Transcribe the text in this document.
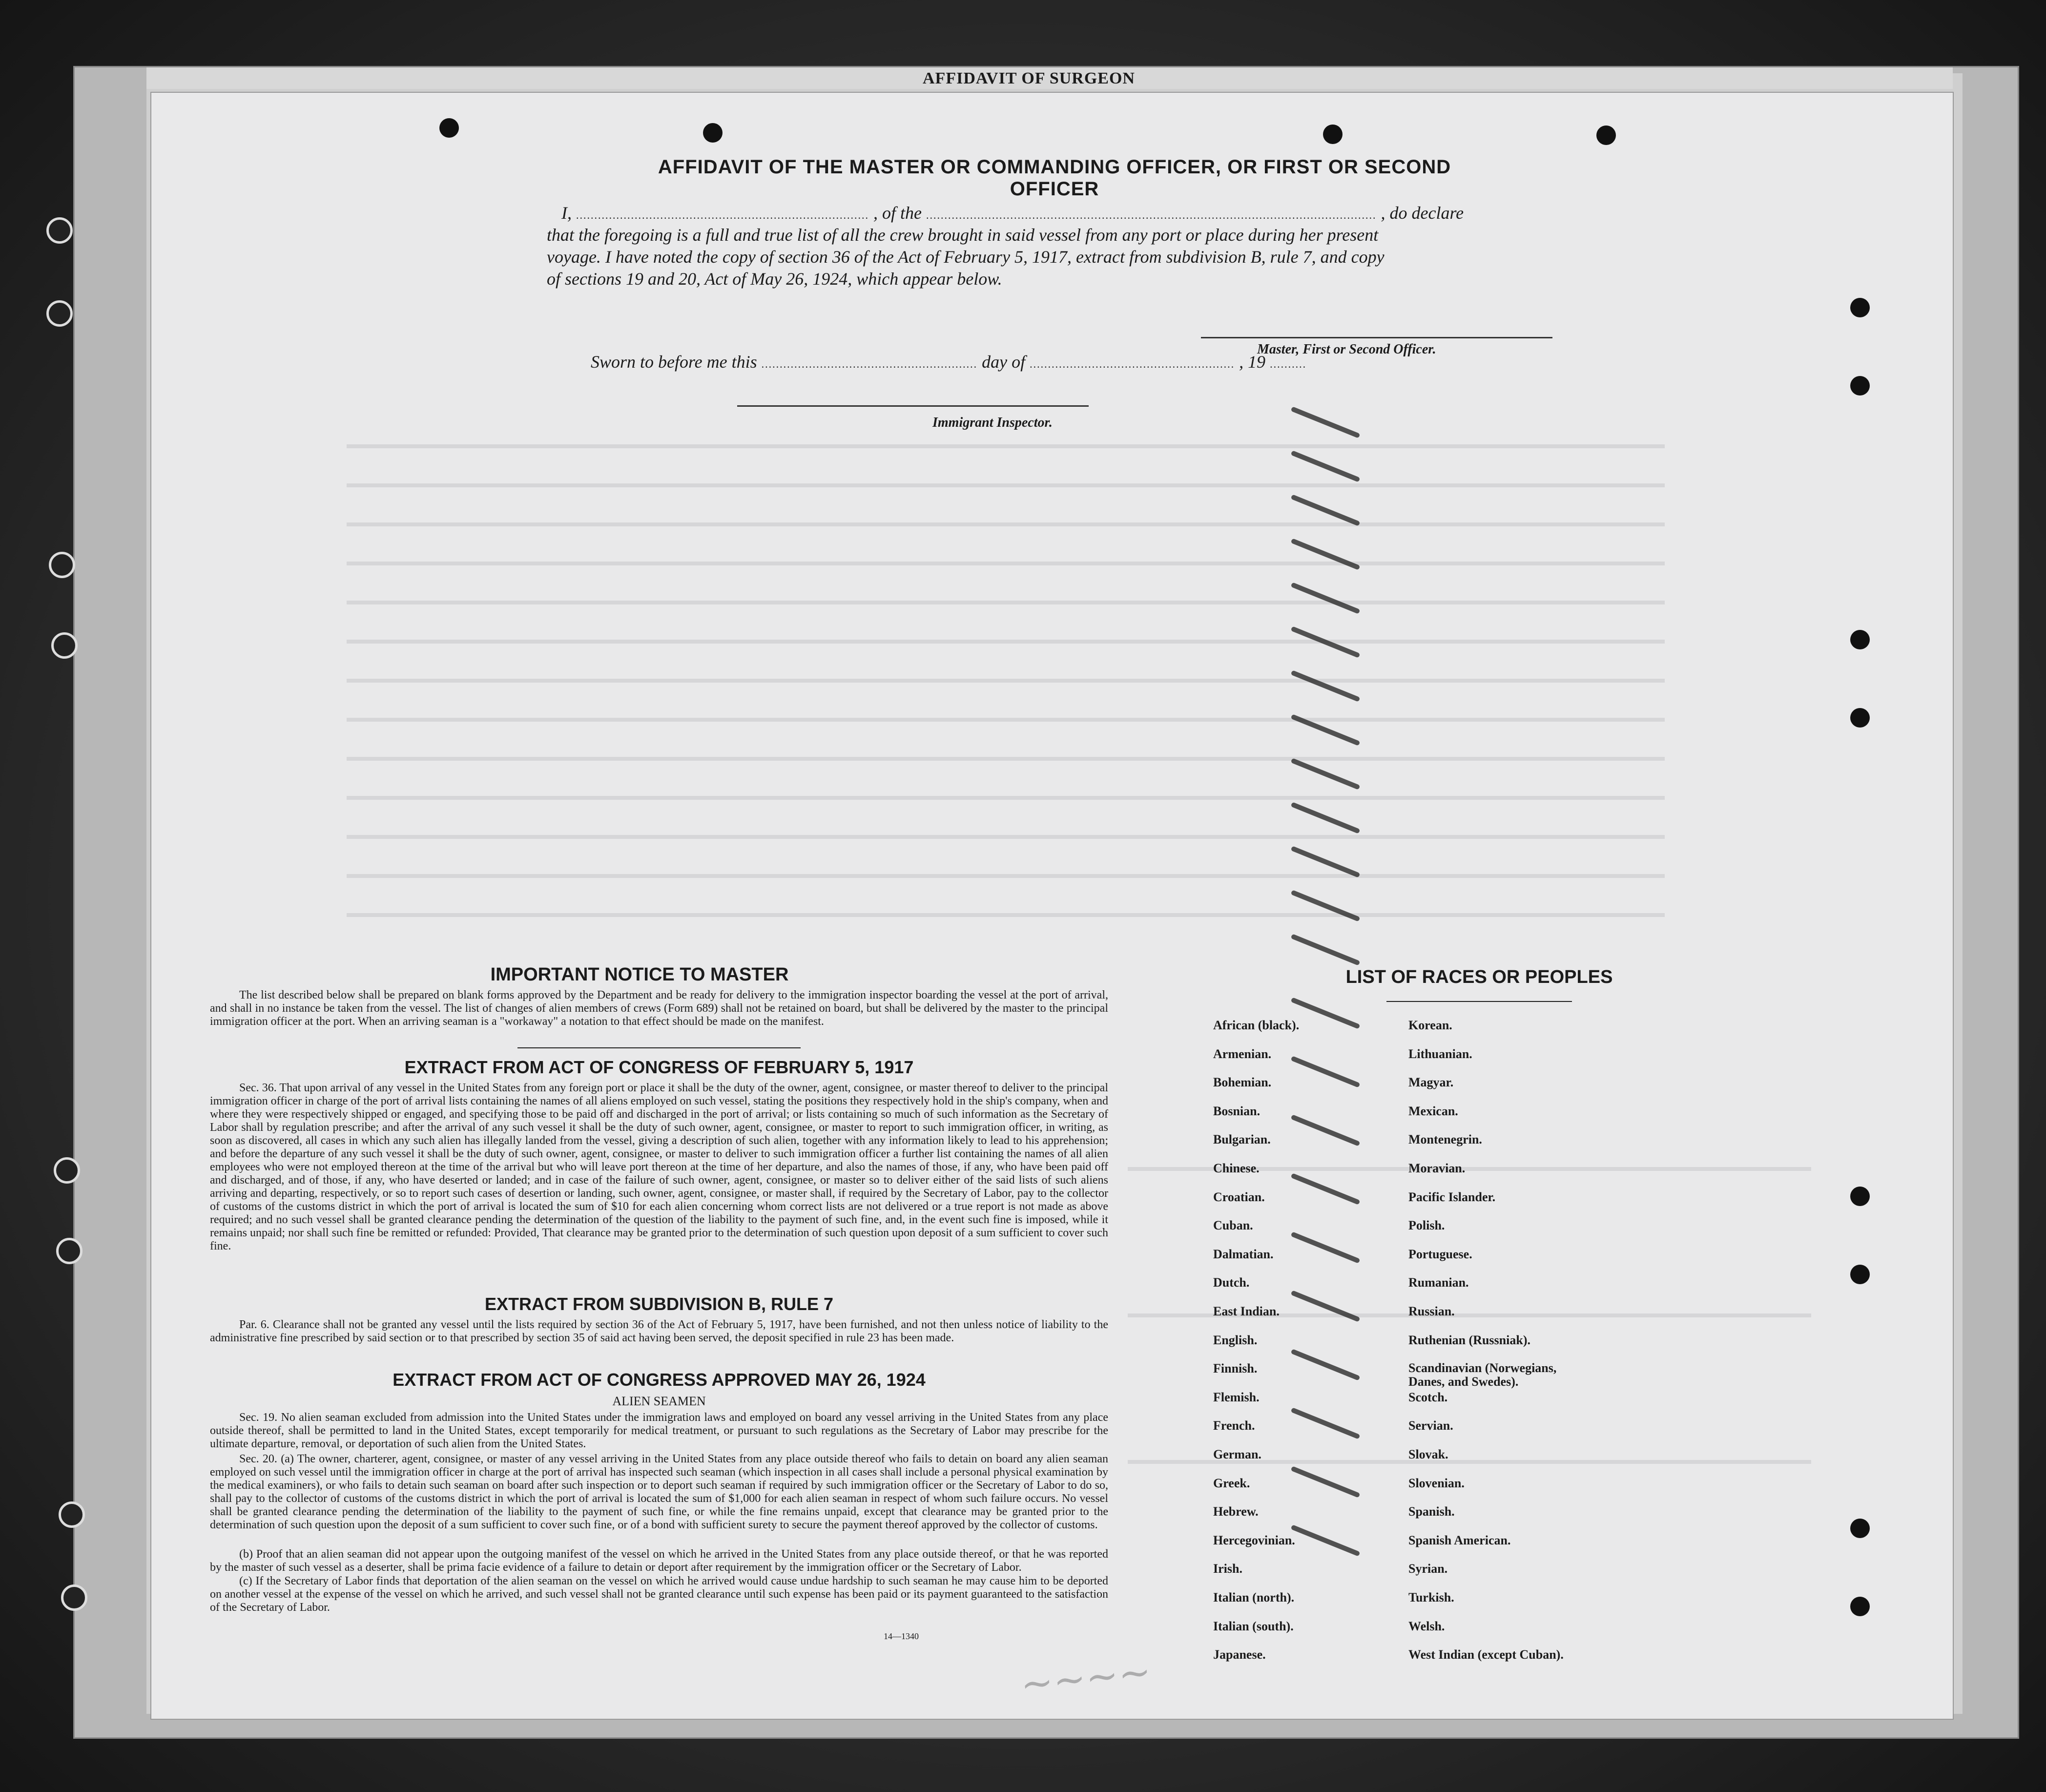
AFFIDAVIT OF SURGEON
AFFIDAVIT OF THE MASTER OR COMMANDING OFFICER, OR FIRST OR SECOND OFFICER
I, ................................................................................ , of the ........................................................................................................................... , do declare
that the foregoing is a full and true list of all the crew brought in said vessel from any port or place during her present
voyage. I have noted the copy of section 36 of the Act of February 5, 1917, extract from subdivision B, rule 7, and copy
of sections 19 and 20, Act of May 26, 1924, which appear below.
Master, First or Second Officer.
Sworn to before me this ........................................................... day of ........................................................ , 19 ..........
Immigrant Inspector.
IMPORTANT NOTICE TO MASTER
The list described below shall be prepared on blank forms approved by the Department and be ready for delivery to the immigration inspector boarding the vessel at the port of arrival, and shall in no instance be taken from the vessel. The list of changes of alien members of crews (Form 689) shall not be retained on board, but shall be delivered by the master to the principal immigration officer at the port. When an arriving seaman is a "workaway" a notation to that effect should be made on the manifest.
EXTRACT FROM ACT OF CONGRESS OF FEBRUARY 5, 1917
Sec. 36. That upon arrival of any vessel in the United States from any foreign port or place it shall be the duty of the owner, agent, consignee, or master thereof to deliver to the principal immigration officer in charge of the port of arrival lists containing the names of all aliens employed on such vessel, stating the positions they respectively hold in the ship's company, when and where they were respectively shipped or engaged, and specifying those to be paid off and discharged in the port of arrival; or lists containing so much of such information as the Secretary of Labor shall by regulation prescribe; and after the arrival of any such vessel it shall be the duty of such owner, agent, consignee, or master to report to such immigration officer, in writing, as soon as discovered, all cases in which any such alien has illegally landed from the vessel, giving a description of such alien, together with any information likely to lead to his apprehension; and before the departure of any such vessel it shall be the duty of such owner, agent, consignee, or master to deliver to such immigration officer a further list containing the names of all alien employees who were not employed thereon at the time of the arrival but who will leave port thereon at the time of her departure, and also the names of those, if any, who have been paid off and discharged, and of those, if any, who have deserted or landed; and in case of the failure of such owner, agent, consignee, or master so to deliver either of the said lists of such aliens arriving and departing, respectively, or so to report such cases of desertion or landing, such owner, agent, consignee, or master shall, if required by the Secretary of Labor, pay to the collector of customs of the customs district in which the port of arrival is located the sum of $10 for each alien concerning whom correct lists are not delivered or a true report is not made as above required; and no such vessel shall be granted clearance pending the determination of the question of the liability to the payment of such fine, and, in the event such fine is imposed, while it remains unpaid; nor shall such fine be remitted or refunded: Provided, That clearance may be granted prior to the determination of such question upon deposit of a sum sufficient to cover such fine.
EXTRACT FROM SUBDIVISION B, RULE 7
Par. 6. Clearance shall not be granted any vessel until the lists required by section 36 of the Act of February 5, 1917, have been furnished, and not then unless notice of liability to the administrative fine prescribed by said section or to that prescribed by section 35 of said act having been served, the deposit specified in rule 23 has been made.
EXTRACT FROM ACT OF CONGRESS APPROVED MAY 26, 1924
ALIEN SEAMEN
Sec. 19. No alien seaman excluded from admission into the United States under the immigration laws and employed on board any vessel arriving in the United States from any place outside thereof, shall be permitted to land in the United States, except temporarily for medical treatment, or pursuant to such regulations as the Secretary of Labor may prescribe for the ultimate departure, removal, or deportation of such alien from the United States.
Sec. 20. (a) The owner, charterer, agent, consignee, or master of any vessel arriving in the United States from any place outside thereof who fails to detain on board any alien seaman employed on such vessel until the immigration officer in charge at the port of arrival has inspected such seaman (which inspection in all cases shall include a personal physical examination by the medical examiners), or who fails to detain such seaman on board after such inspection or to deport such seaman if required by such immigration officer or the Secretary of Labor to do so, shall pay to the collector of customs of the customs district in which the port of arrival is located the sum of $1,000 for each alien seaman in respect of whom such failure occurs. No vessel shall be granted clearance pending the determination of the liability to the payment of such fine, or while the fine remains unpaid, except that clearance may be granted prior to the determination of such question upon the deposit of a sum sufficient to cover such fine, or of a bond with sufficient surety to secure the payment thereof approved by the collector of customs.
(b) Proof that an alien seaman did not appear upon the outgoing manifest of the vessel on which he arrived in the United States from any place outside thereof, or that he was reported by the master of such vessel as a deserter, shall be prima facie evidence of a failure to detain or deport after requirement by the immigration officer or the Secretary of Labor.
(c) If the Secretary of Labor finds that deportation of the alien seaman on the vessel on which he arrived would cause undue hardship to such seaman he may cause him to be deported on another vessel at the expense of the vessel on which he arrived, and such vessel shall not be granted clearance until such expense has been paid or its payment guaranteed to the satisfaction of the Secretary of Labor.
14—1340
LIST OF RACES OR PEOPLES
~~~~
African (black).
Armenian.
Bohemian.
Bosnian.
Bulgarian.
Chinese.
Croatian.
Cuban.
Dalmatian.
Dutch.
East Indian.
English.
Finnish.
Flemish.
French.
German.
Greek.
Hebrew.
Hercegovinian.
Irish.
Italian (north).
Italian (south).
Japanese.
Korean.
Lithuanian.
Magyar.
Mexican.
Montenegrin.
Moravian.
Pacific Islander.
Polish.
Portuguese.
Rumanian.
Russian.
Ruthenian (Russniak).
Scandinavian (Norwegians, Danes, and Swedes).
Scotch.
Servian.
Slovak.
Slovenian.
Spanish.
Spanish American.
Syrian.
Turkish.
Welsh.
West Indian (except Cuban).
